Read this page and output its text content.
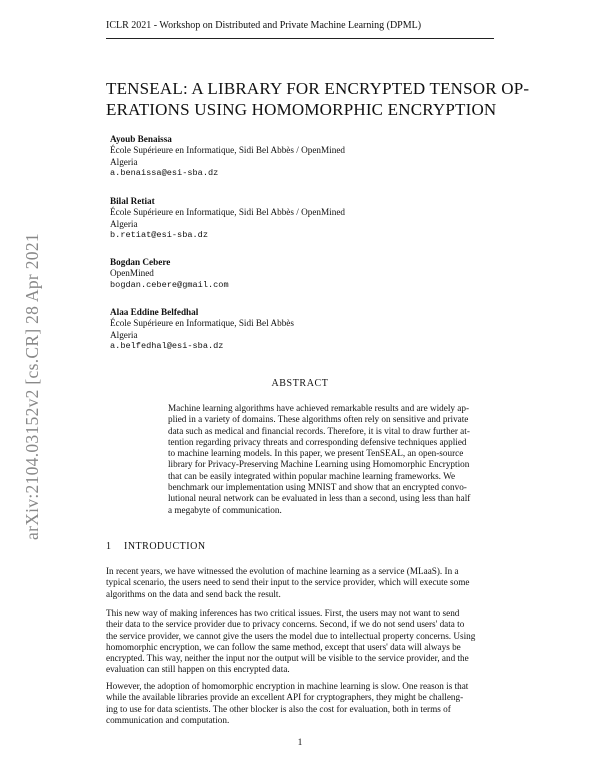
ICLR 2021 - Workshop on Distributed and Private Machine Learning (DPML)
TENSEAL: A LIBRARY FOR ENCRYPTED TENSOR OP-
ERATIONS USING HOMOMORPHIC ENCRYPTION
Ayoub Benaissa
École Supérieure en Informatique, Sidi Bel Abbès / OpenMined
Algeria
a.benaissa@esi-sba.dz
Bilal Retiat
École Supérieure en Informatique, Sidi Bel Abbès / OpenMined
Algeria
b.retiat@esi-sba.dz
Bogdan Cebere
OpenMined
bogdan.cebere@gmail.com
Alaa Eddine Belfedhal
École Supérieure en Informatique, Sidi Bel Abbès
Algeria
a.belfedhal@esi-sba.dz
ABSTRACT
Machine learning algorithms have achieved remarkable results and are widely ap-
plied in a variety of domains. These algorithms often rely on sensitive and private
data such as medical and financial records. Therefore, it is vital to draw further at-
tention regarding privacy threats and corresponding defensive techniques applied
to machine learning models. In this paper, we present TenSEAL, an open-source
library for Privacy-Preserving Machine Learning using Homomorphic Encryption
that can be easily integrated within popular machine learning frameworks. We
benchmark our implementation using MNIST and show that an encrypted convo-
lutional neural network can be evaluated in less than a second, using less than half
a megabyte of communication.
arXiv:2104.03152v2 [cs.CR] 28 Apr 2021
1 INTRODUCTION
In recent years, we have witnessed the evolution of machine learning as a service (MLaaS). In a
typical scenario, the users need to send their input to the service provider, which will execute some
algorithms on the data and send back the result.
This new way of making inferences has two critical issues. First, the users may not want to send
their data to the service provider due to privacy concerns. Second, if we do not send users' data to
the service provider, we cannot give the users the model due to intellectual property concerns. Using
homomorphic encryption, we can follow the same method, except that users' data will always be
encrypted. This way, neither the input nor the output will be visible to the service provider, and the
evaluation can still happen on this encrypted data.
However, the adoption of homomorphic encryption in machine learning is slow. One reason is that
while the available libraries provide an excellent API for cryptographers, they might be challeng-
ing to use for data scientists. The other blocker is also the cost for evaluation, both in terms of
communication and computation.
1
